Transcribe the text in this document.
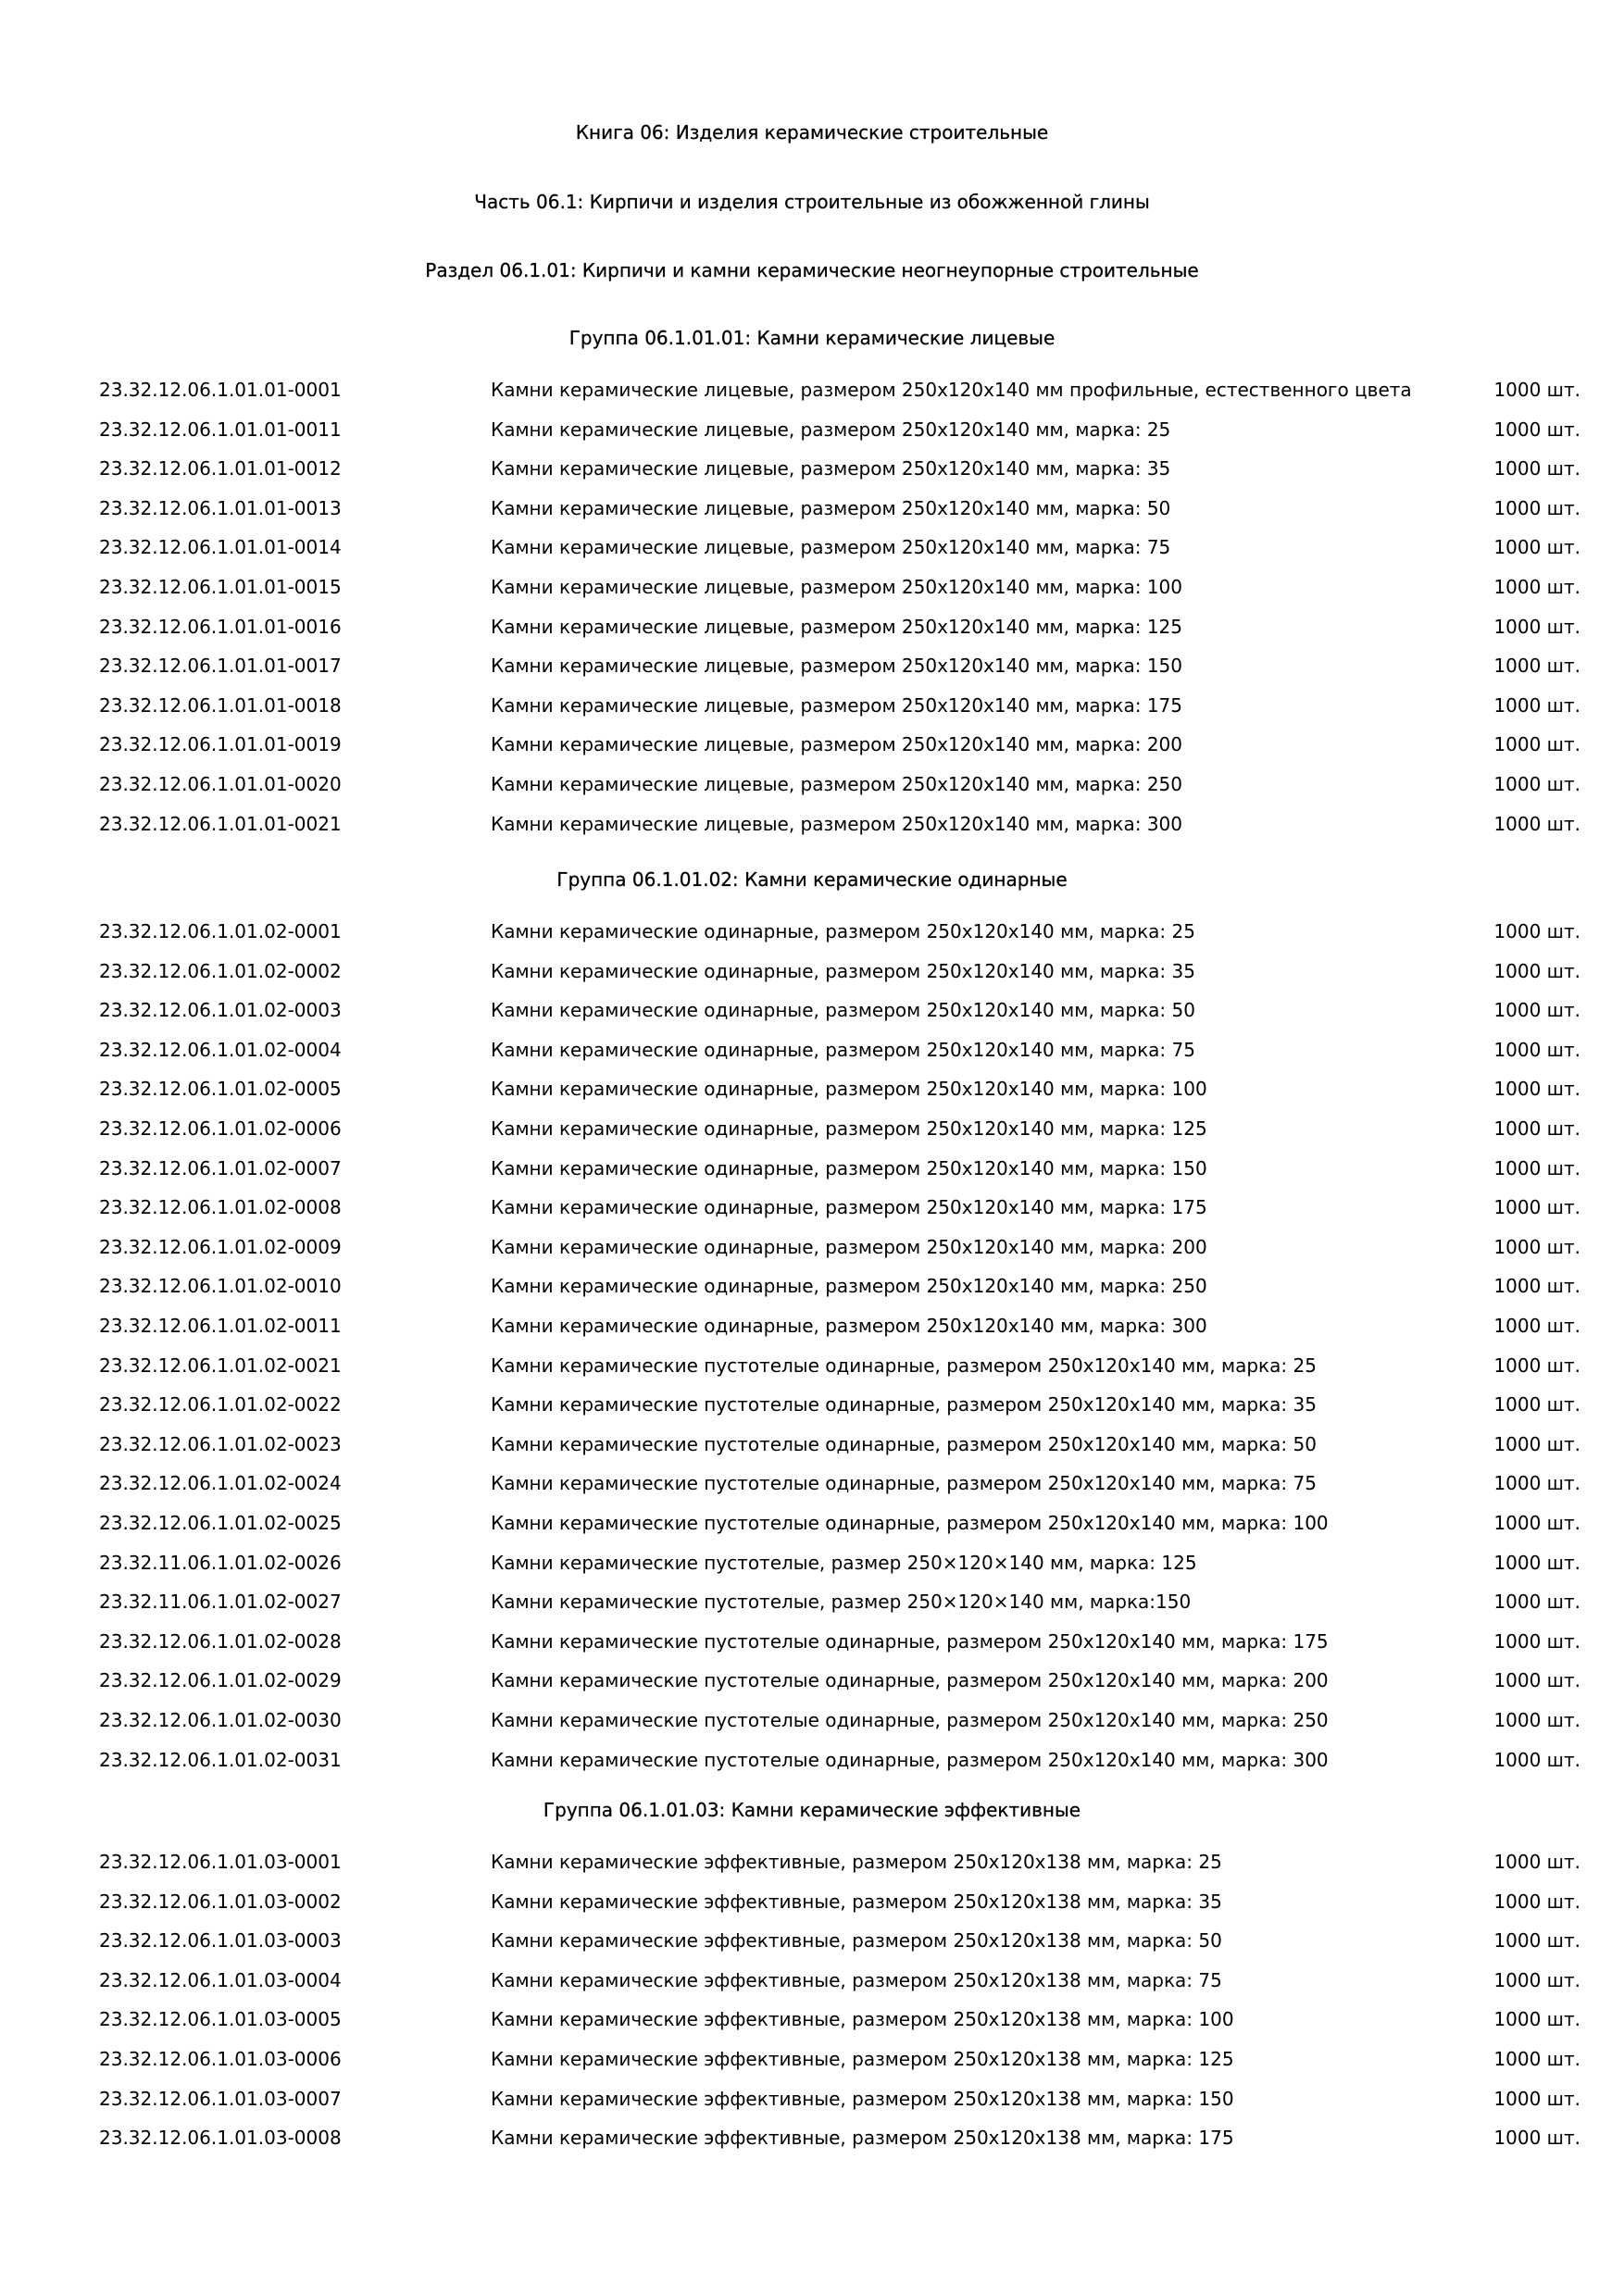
Книга 06: Изделия керамические строительные
Часть 06.1: Кирпичи и изделия строительные из обожженной глины
Раздел 06.1.01: Кирпичи и камни керамические неогнеупорные строительные
Группа 06.1.01.01: Камни керамические лицевые
23.32.12.06.1.01.01-0001	Камни керамические лицевые, размером 250х120х140 мм профильные, естественного цвета	1000 шт.
23.32.12.06.1.01.01-0011	Камни керамические лицевые, размером 250х120х140 мм, марка: 25	1000 шт.
23.32.12.06.1.01.01-0012	Камни керамические лицевые, размером 250х120х140 мм, марка: 35	1000 шт.
23.32.12.06.1.01.01-0013	Камни керамические лицевые, размером 250х120х140 мм, марка: 50	1000 шт.
23.32.12.06.1.01.01-0014	Камни керамические лицевые, размером 250х120х140 мм, марка: 75	1000 шт.
23.32.12.06.1.01.01-0015	Камни керамические лицевые, размером 250х120х140 мм, марка: 100	1000 шт.
23.32.12.06.1.01.01-0016	Камни керамические лицевые, размером 250х120х140 мм, марка: 125	1000 шт.
23.32.12.06.1.01.01-0017	Камни керамические лицевые, размером 250х120х140 мм, марка: 150	1000 шт.
23.32.12.06.1.01.01-0018	Камни керамические лицевые, размером 250х120х140 мм, марка: 175	1000 шт.
23.32.12.06.1.01.01-0019	Камни керамические лицевые, размером 250х120х140 мм, марка: 200	1000 шт.
23.32.12.06.1.01.01-0020	Камни керамические лицевые, размером 250х120х140 мм, марка: 250	1000 шт.
23.32.12.06.1.01.01-0021	Камни керамические лицевые, размером 250х120х140 мм, марка: 300	1000 шт.
Группа 06.1.01.02: Камни керамические одинарные
23.32.12.06.1.01.02-0001	Камни керамические одинарные, размером 250х120х140 мм, марка: 25	1000 шт.
23.32.12.06.1.01.02-0002	Камни керамические одинарные, размером 250х120х140 мм, марка: 35	1000 шт.
23.32.12.06.1.01.02-0003	Камни керамические одинарные, размером 250х120х140 мм, марка: 50	1000 шт.
23.32.12.06.1.01.02-0004	Камни керамические одинарные, размером 250х120х140 мм, марка: 75	1000 шт.
23.32.12.06.1.01.02-0005	Камни керамические одинарные, размером 250х120х140 мм, марка: 100	1000 шт.
23.32.12.06.1.01.02-0006	Камни керамические одинарные, размером 250х120х140 мм, марка: 125	1000 шт.
23.32.12.06.1.01.02-0007	Камни керамические одинарные, размером 250х120х140 мм, марка: 150	1000 шт.
23.32.12.06.1.01.02-0008	Камни керамические одинарные, размером 250х120х140 мм, марка: 175	1000 шт.
23.32.12.06.1.01.02-0009	Камни керамические одинарные, размером 250х120х140 мм, марка: 200	1000 шт.
23.32.12.06.1.01.02-0010	Камни керамические одинарные, размером 250х120х140 мм, марка: 250	1000 шт.
23.32.12.06.1.01.02-0011	Камни керамические одинарные, размером 250х120х140 мм, марка: 300	1000 шт.
23.32.12.06.1.01.02-0021	Камни керамические пустотелые одинарные, размером 250х120х140 мм, марка: 25	1000 шт.
23.32.12.06.1.01.02-0022	Камни керамические пустотелые одинарные, размером 250х120х140 мм, марка: 35	1000 шт.
23.32.12.06.1.01.02-0023	Камни керамические пустотелые одинарные, размером 250х120х140 мм, марка: 50	1000 шт.
23.32.12.06.1.01.02-0024	Камни керамические пустотелые одинарные, размером 250х120х140 мм, марка: 75	1000 шт.
23.32.12.06.1.01.02-0025	Камни керамические пустотелые одинарные, размером 250х120х140 мм, марка: 100	1000 шт.
23.32.11.06.1.01.02-0026	Камни керамические пустотелые, размер 250×120×140 мм, марка: 125	1000 шт.
23.32.11.06.1.01.02-0027	Камни керамические пустотелые, размер 250×120×140 мм, марка:150	1000 шт.
23.32.12.06.1.01.02-0028	Камни керамические пустотелые одинарные, размером 250х120х140 мм, марка: 175	1000 шт.
23.32.12.06.1.01.02-0029	Камни керамические пустотелые одинарные, размером 250х120х140 мм, марка: 200	1000 шт.
23.32.12.06.1.01.02-0030	Камни керамические пустотелые одинарные, размером 250х120х140 мм, марка: 250	1000 шт.
23.32.12.06.1.01.02-0031	Камни керамические пустотелые одинарные, размером 250х120х140 мм, марка: 300	1000 шт.
Группа 06.1.01.03: Камни керамические эффективные
23.32.12.06.1.01.03-0001	Камни керамические эффективные, размером 250х120х138 мм, марка: 25	1000 шт.
23.32.12.06.1.01.03-0002	Камни керамические эффективные, размером 250х120х138 мм, марка: 35	1000 шт.
23.32.12.06.1.01.03-0003	Камни керамические эффективные, размером 250х120х138 мм, марка: 50	1000 шт.
23.32.12.06.1.01.03-0004	Камни керамические эффективные, размером 250х120х138 мм, марка: 75	1000 шт.
23.32.12.06.1.01.03-0005	Камни керамические эффективные, размером 250х120х138 мм, марка: 100	1000 шт.
23.32.12.06.1.01.03-0006	Камни керамические эффективные, размером 250х120х138 мм, марка: 125	1000 шт.
23.32.12.06.1.01.03-0007	Камни керамические эффективные, размером 250х120х138 мм, марка: 150	1000 шт.
23.32.12.06.1.01.03-0008	Камни керамические эффективные, размером 250х120х138 мм, марка: 175	1000 шт.
